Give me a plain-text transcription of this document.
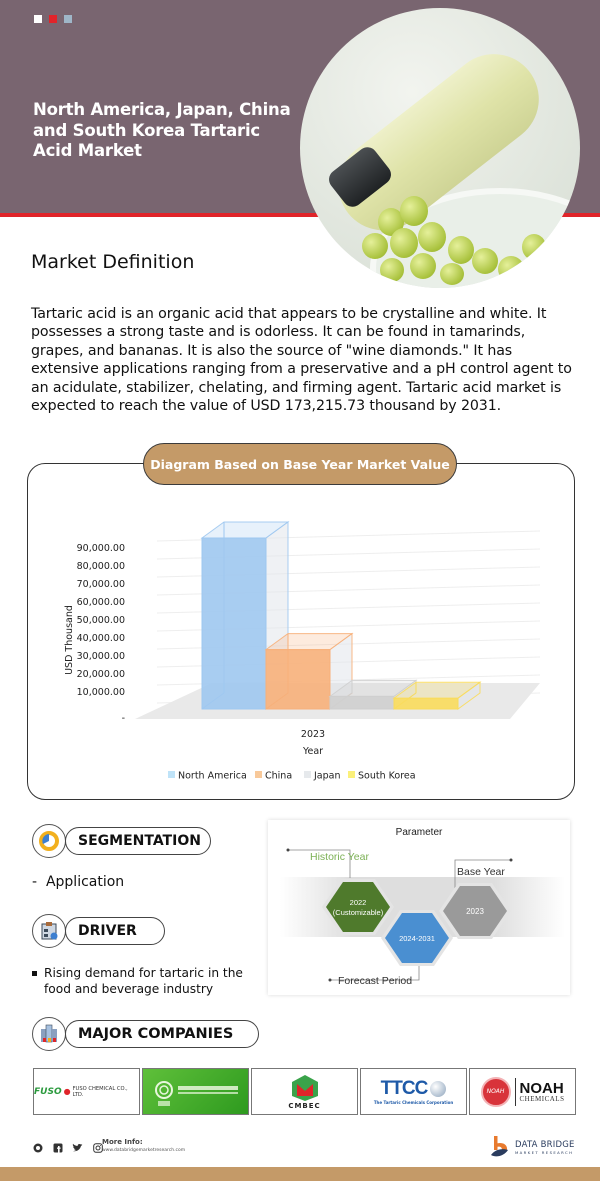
North America, Japan, China and South Korea Tartaric Acid Market
Market Definition
Tartaric acid is an organic acid that appears to be crystalline and white. It possesses a strong taste and is odorless. It can be found in tamarinds, grapes, and bananas. It is also the source of "wine diamonds." It has extensive applications ranging from a preservative and a pH control agent to an acidulate, stabilizer, chelating, and firming agent. Tartaric acid market is expected to reach the value of USD 173,215.73 thousand by 2031.
Diagram Based on Base Year Market Value
-
10,000.00
20,000.00
30,000.00
40,000.00
50,000.00
60,000.00
70,000.00
80,000.00
90,000.00
USD Thousand
2023
Year
North America China Japan South Korea
SEGMENTATION
-  Application
DRIVER
Rising demand for tartaric in the food and beverage industry
Parameter
Historic Year
Base Year
Forecast Period
2022
(Customizable)
2024-2031
2023
MAJOR COMPANIES
FUSO ● FUSO CHEMICAL CO., LTD.
CMBEC
TTCC
The Tartaric Chemicals Corporation
NOAH NOAH
CHEMICALS
More Info:
www.databridgemarketresearch.com
DATA BRIDGE
MARKET RESEARCH
